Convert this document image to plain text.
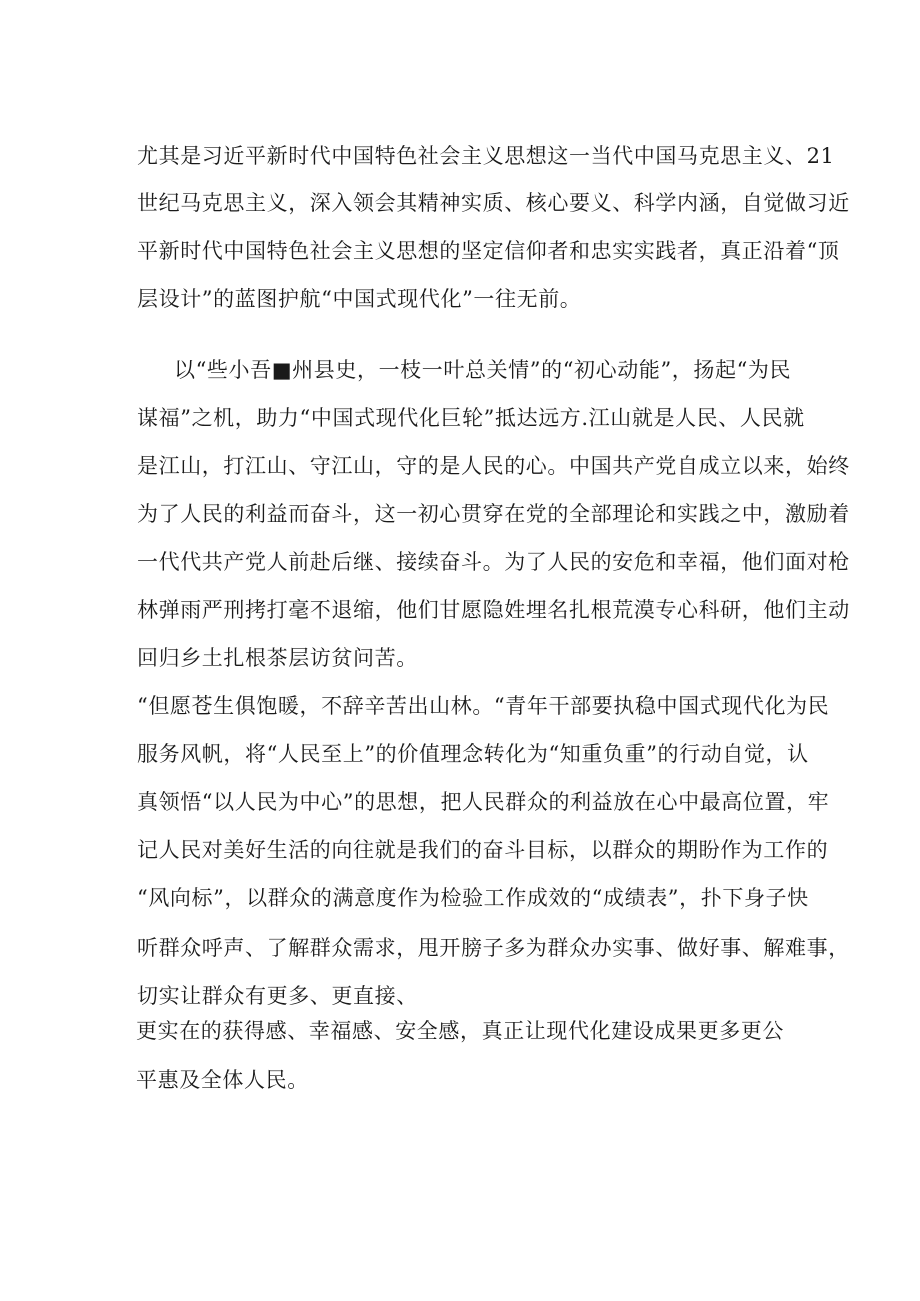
尤其是习近平新时代中国特色社会主义思想这一当代中国马克思主义、21
世纪马克思主义，深入领会其精神实质、核心要义、科学内涵，自觉做习近
平新时代中国特色社会主义思想的坚定信仰者和忠实实践者，真正沿着“顶
层设计”的蓝图护航“中国式现代化”一往无前。
以“些小吾■州县史，一枝一叶总关情”的“初心动能”，扬起“为民
谋福”之机，助力“中国式现代化巨轮”抵达远方.江山就是人民、人民就
是江山，打江山、守江山，守的是人民的心。中国共产党自成立以来，始终
为了人民的利益而奋斗，这一初心贯穿在党的全部理论和实践之中，激励着
一代代共产党人前赴后继、接续奋斗。为了人民的安危和幸福，他们面对枪
林弹雨严刑拷打毫不退缩，他们甘愿隐姓埋名扎根荒漠专心科研，他们主动
回归乡土扎根茶层访贫问苦。
“但愿苍生俱饱暖，不辞辛苦出山林。“青年干部要执稳中国式现代化为民
服务风帆，将“人民至上”的价值理念转化为“知重负重”的行动自觉，认
真领悟“以人民为中心”的思想，把人民群众的利益放在心中最高位置，牢
记人民对美好生活的向往就是我们的奋斗目标，以群众的期盼作为工作的
“风向标”，以群众的满意度作为检验工作成效的“成绩表”，扑下身子快
听群众呼声、了解群众需求，甩开膀子多为群众办实事、做好事、解难事，
切实让群众有更多、更直接、
更实在的获得感、幸福感、安全感，真正让现代化建设成果更多更公
平惠及全体人民。
